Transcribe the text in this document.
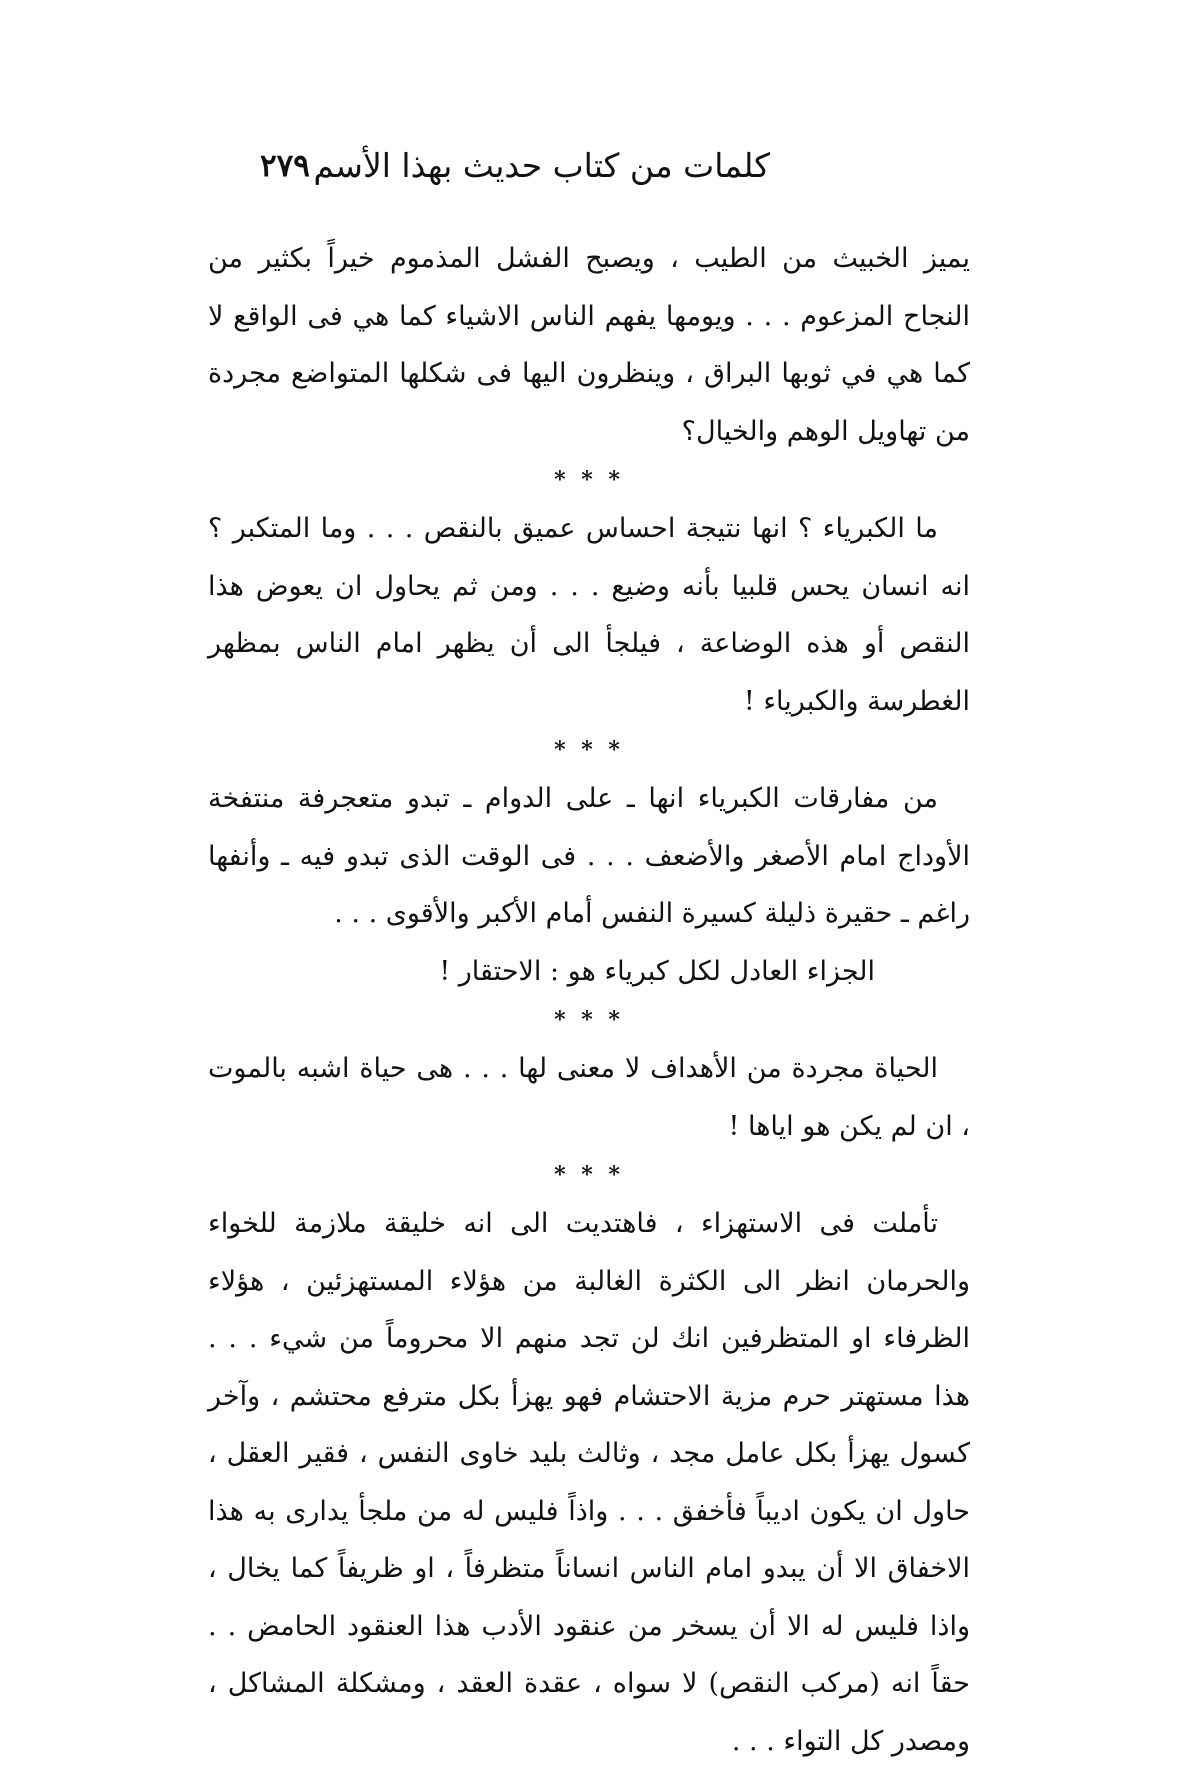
كلمات من كتاب حديث بهذا الأسم
٢٧٩

يميز الخبيث من الطيب ، ويصبح الفشل المذموم خيراً بكثير من النجاح المزعوم . . . ويومها يفهم الناس الاشياء كما هي فى الواقع لا كما هي في ثوبها البراق ، وينظرون اليها فى شكلها المتواضع مجردة من تهاويل الوهم والخيال؟

* * *

ما الكبرياء ؟ انها نتيجة احساس عميق بالنقص . . . وما المتكبر ؟ انه انسان يحس قلبيا بأنه وضيع . . . ومن ثم يحاول ان يعوض هذا النقص أو هذه الوضاعة ، فيلجأ الى أن يظهر امام الناس بمظهر الغطرسة والكبرياء !

* * *

من مفارقات الكبرياء انها ـ على الدوام ـ تبدو متعجرفة منتفخة الأوداج امام الأصغر والأضعف . . . فى الوقت الذى تبدو فيه ـ وأنفها راغم ـ حقيرة ذليلة كسيرة النفس أمام الأكبر والأقوى . . .

الجزاء العادل لكل كبرياء هو : الاحتقار !

* * *

الحياة مجردة من الأهداف لا معنى لها . . . هى حياة اشبه بالموت ، ان لم يكن هو اياها !

* * *

تأملت فى الاستهزاء ، فاهتديت الى انه خليقة ملازمة للخواء والحرمان انظر الى الكثرة الغالبة من هؤلاء المستهزئين ، هؤلاء الظرفاء او المتظرفين انك لن تجد منهم الا محروماً من شيء . . . هذا مستهتر حرم مزية الاحتشام فهو يهزأ بكل مترفع محتشم ، وآخر كسول يهزأ بكل عامل مجد ، وثالث بليد خاوى النفس ، فقير العقل ، حاول ان يكون اديباً فأخفق . . . واذاً فليس له من ملجأ يدارى به هذا الاخفاق الا أن يبدو امام الناس انساناً متظرفاً ، او ظريفاً كما يخال ، واذا فليس له الا أن يسخر من عنقود الأدب هذا العنقود الحامض . . حقاً انه (مركب النقص) لا سواه ، عقدة العقد ، ومشكلة المشاكل ، ومصدر كل التواء . . .
